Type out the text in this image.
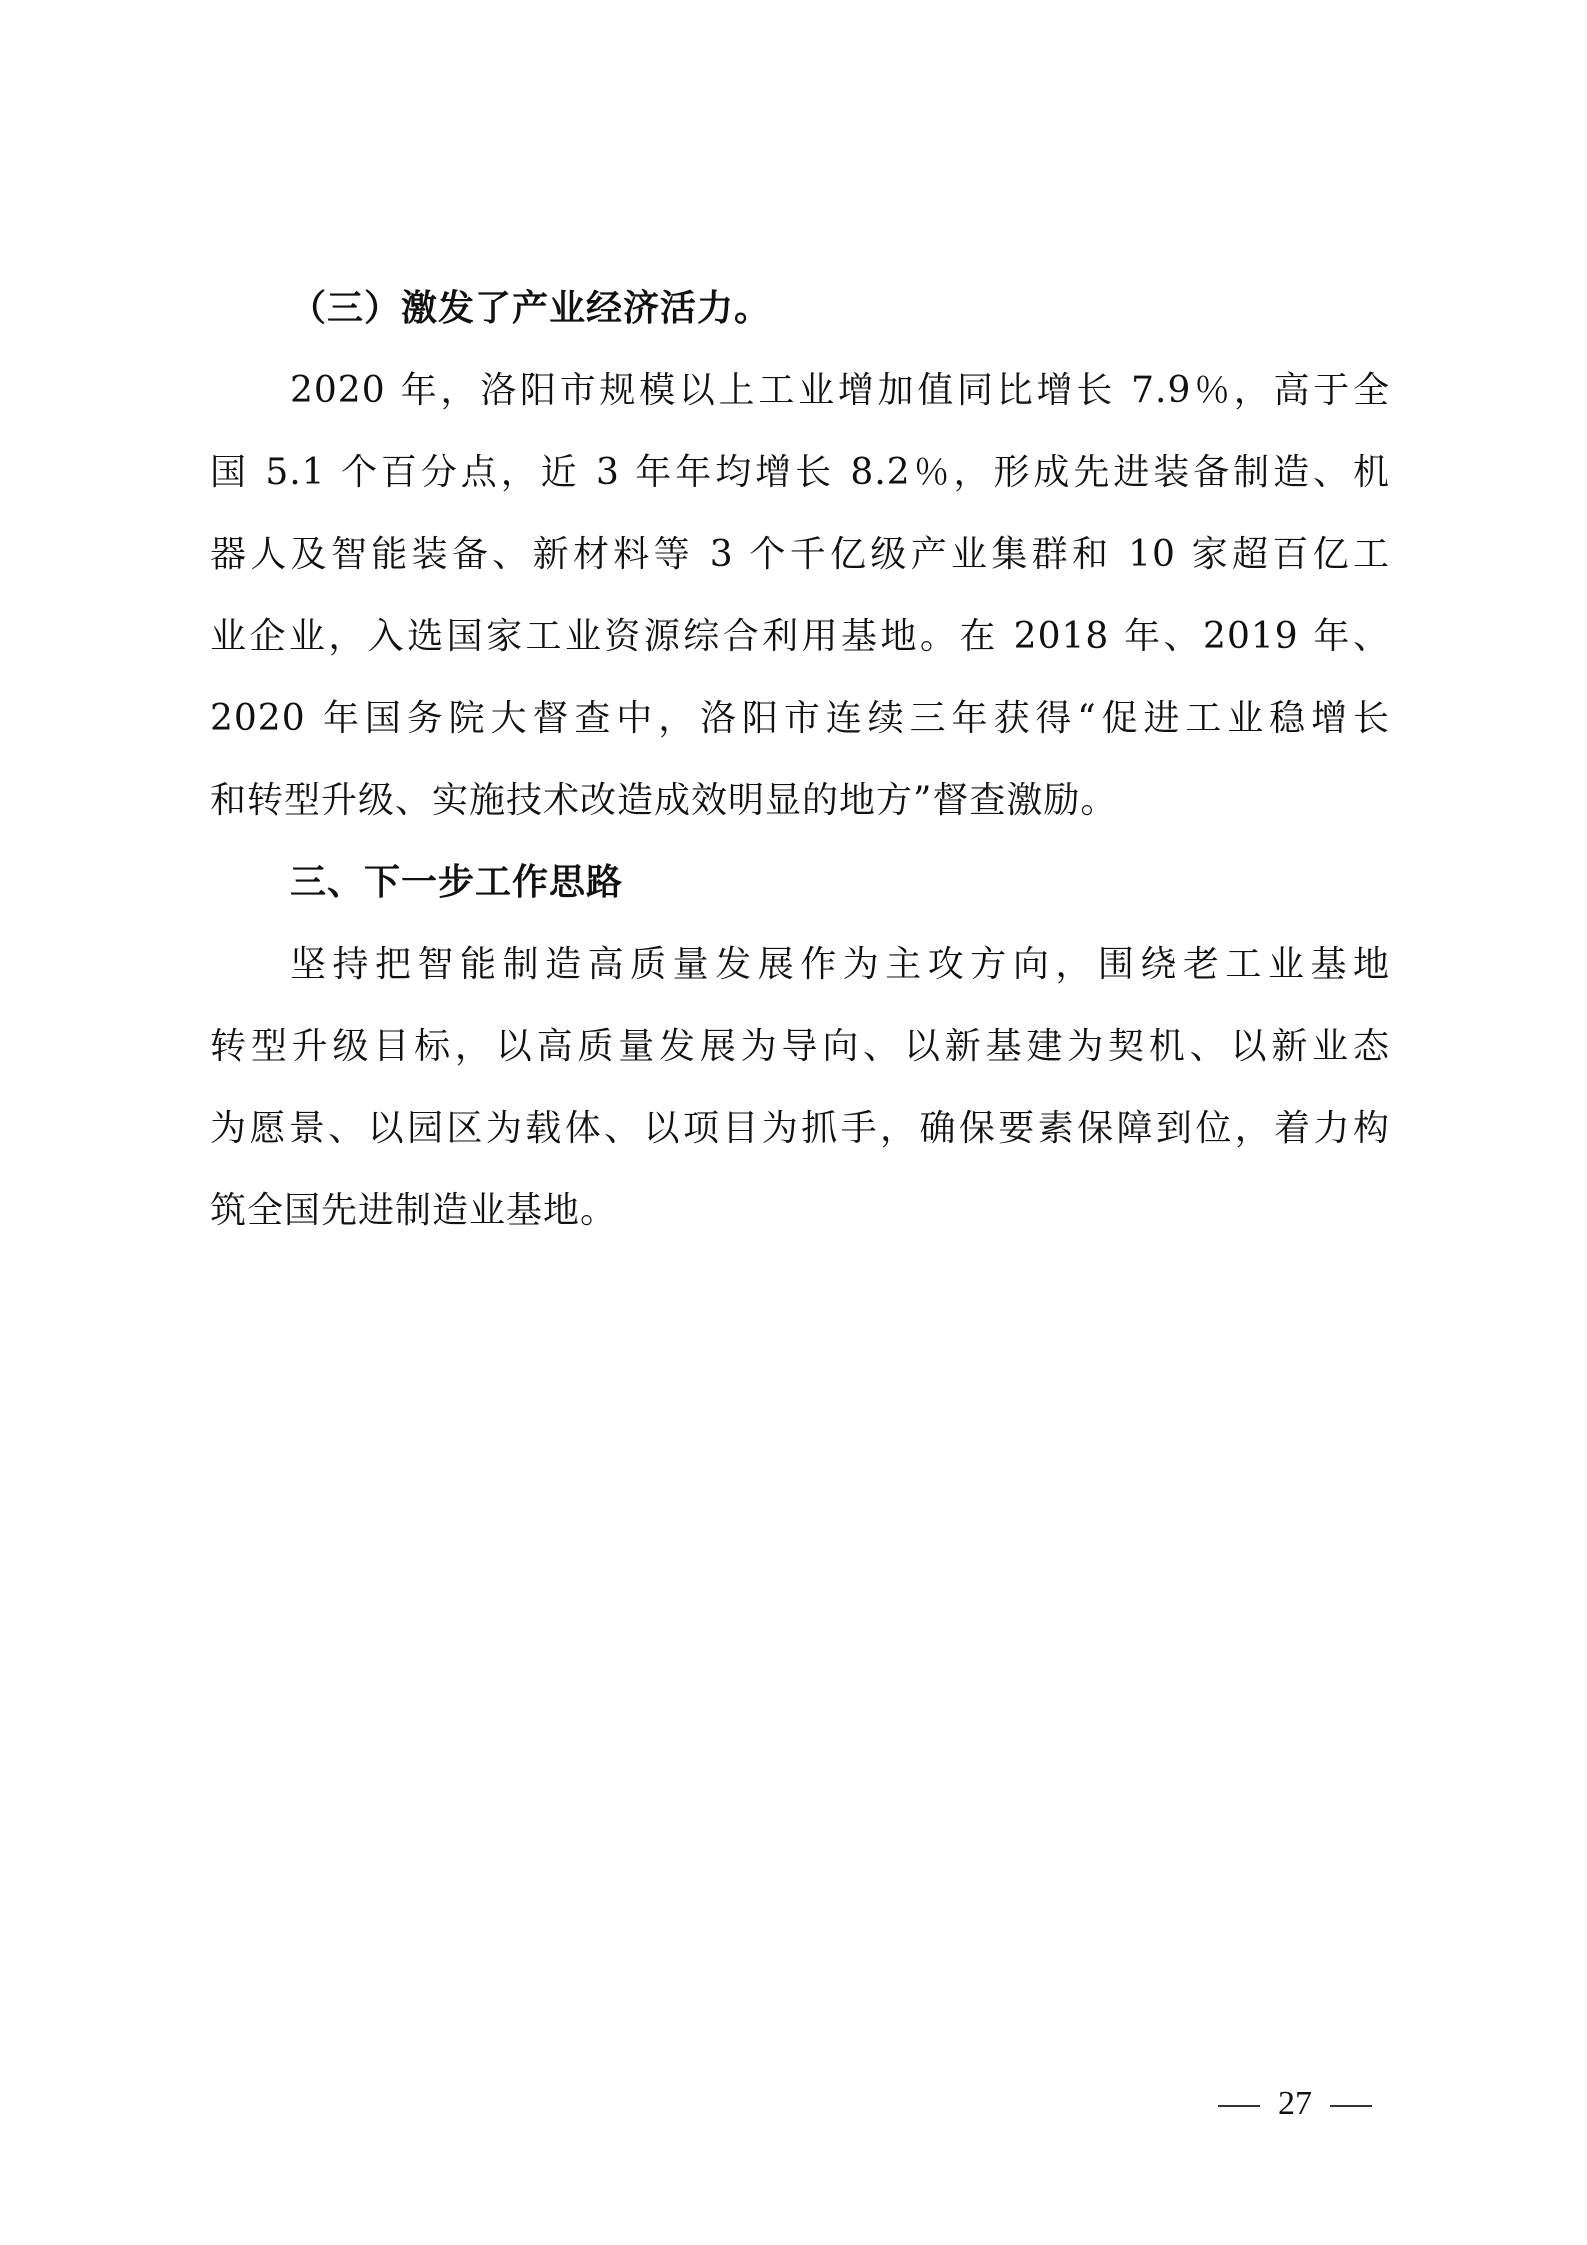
（三）激发了产业经济活力。
2020 年，洛阳市规模以上工业增加值同比增长 7.9％，高于全
国 5.1 个百分点，近 3 年年均增长 8.2％，形成先进装备制造、机
器人及智能装备、新材料等 3 个千亿级产业集群和 10 家超百亿工
业企业，入选国家工业资源综合利用基地。在 2018 年、2019 年、
2020 年国务院大督查中，洛阳市连续三年获得“促进工业稳增长
和转型升级、实施技术改造成效明显的地方”督查激励。
三、下一步工作思路
坚持把智能制造高质量发展作为主攻方向，围绕老工业基地
转型升级目标，以高质量发展为导向、以新基建为契机、以新业态
为愿景、以园区为载体、以项目为抓手，确保要素保障到位，着力构
筑全国先进制造业基地。
27
